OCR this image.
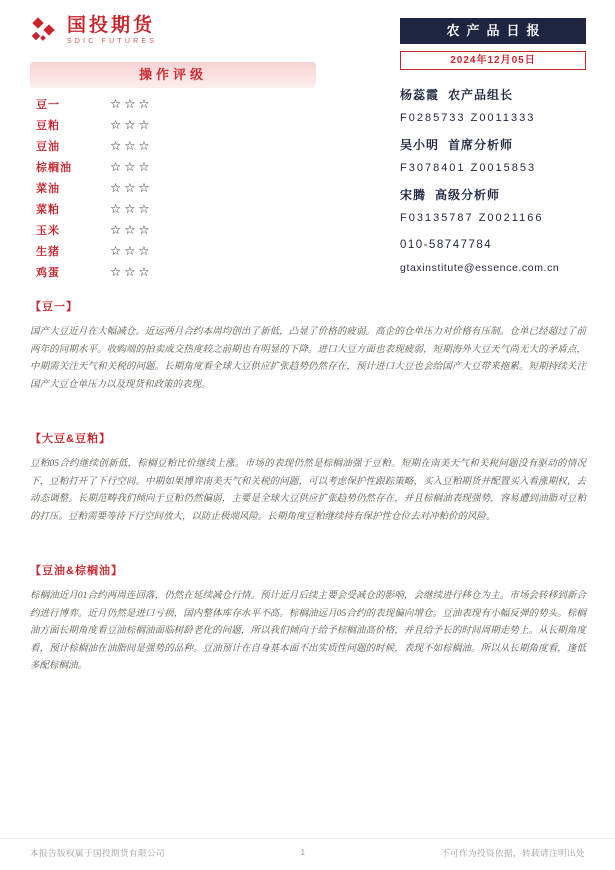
国投期货
SDIC FUTURES
农产品日报
2024年12月05日
操作评级
豆一	☆☆☆
豆粕	☆☆☆
豆油	☆☆☆
棕榈油	☆☆☆
菜油	☆☆☆
菜粕	☆☆☆
玉米	☆☆☆
生猪	☆☆☆
鸡蛋	☆☆☆
杨蕊霞 农产品组长
F0285733 Z0011333
吴小明 首席分析师
F3078401 Z0015853
宋腾 高级分析师
F03135787 Z0021166
010-58747784
gtaxinstitute@essence.com.cn
【豆一】

国产大豆近月在大幅减仓。近远两月合约本周均创出了新低，凸显了价格的疲弱。高企的仓单压力对价格有压制。仓单已经超过了前两年的同期水平。收购端的拍卖成交热度较之前期也有明显的下降。进口大豆方面也表现疲弱，短期海外大豆天气尚无大的矛盾点，中期需关注天气和关税的问题。长期角度看全球大豆供应扩张趋势仍然存在，预计进口大豆也会给国产大豆带来拖累。短期持续关注国产大豆仓单压力以及现货和政策的表现。

【大豆&豆粕】

豆粕05合约继续创新低，棕榈豆粕比价继续上涨。市场的表现仍然是棕榈油强于豆粕。短期在南美天气和关税问题没有驱动的情况下，豆粕打开了下行空间。中期如果博弈南美天气和关税的问题，可以考虑保护性跟踪策略，买入豆粕期货并配置买入看涨期权，去动态调整。长期范畴我们倾向于豆粕仍然偏弱，主要是全球大豆供应扩张趋势仍然存在，并且棕榈油表现强势，容易遭到油脂对豆粕的打压。豆粕需要等待下行空间放大，以防止极端风险。长期角度豆粕继续持有保护性仓位去对冲粕价的风险。

【豆油&棕榈油】

棕榈油近月01合约两周连回落，仍然在延续减仓行情。预计近月后续主要会受减仓的影响，会继续进行移仓为主。市场会转移到新合约进行博弈。近月仍然是进口亏损，国内整体库存水平不高。棕榈油远月05合约的表现偏向增仓。豆油表现有小幅反弹的势头。棕榈油方面长期角度看豆油棕榈油面临树龄老化的问题，所以我们倾向于给予棕榈油高价格，并且给予长的时间周期走势上。从长期角度看，预计棕榈油在油脂间是强势的品种。豆油预计在自身基本面不出实质性问题的时候，表现不如棕榈油。所以从长期角度看，逢低多配棕榈油。

本报告版权属于国投期货有限公司	1	不可作为投资依据，转载请注明出处
